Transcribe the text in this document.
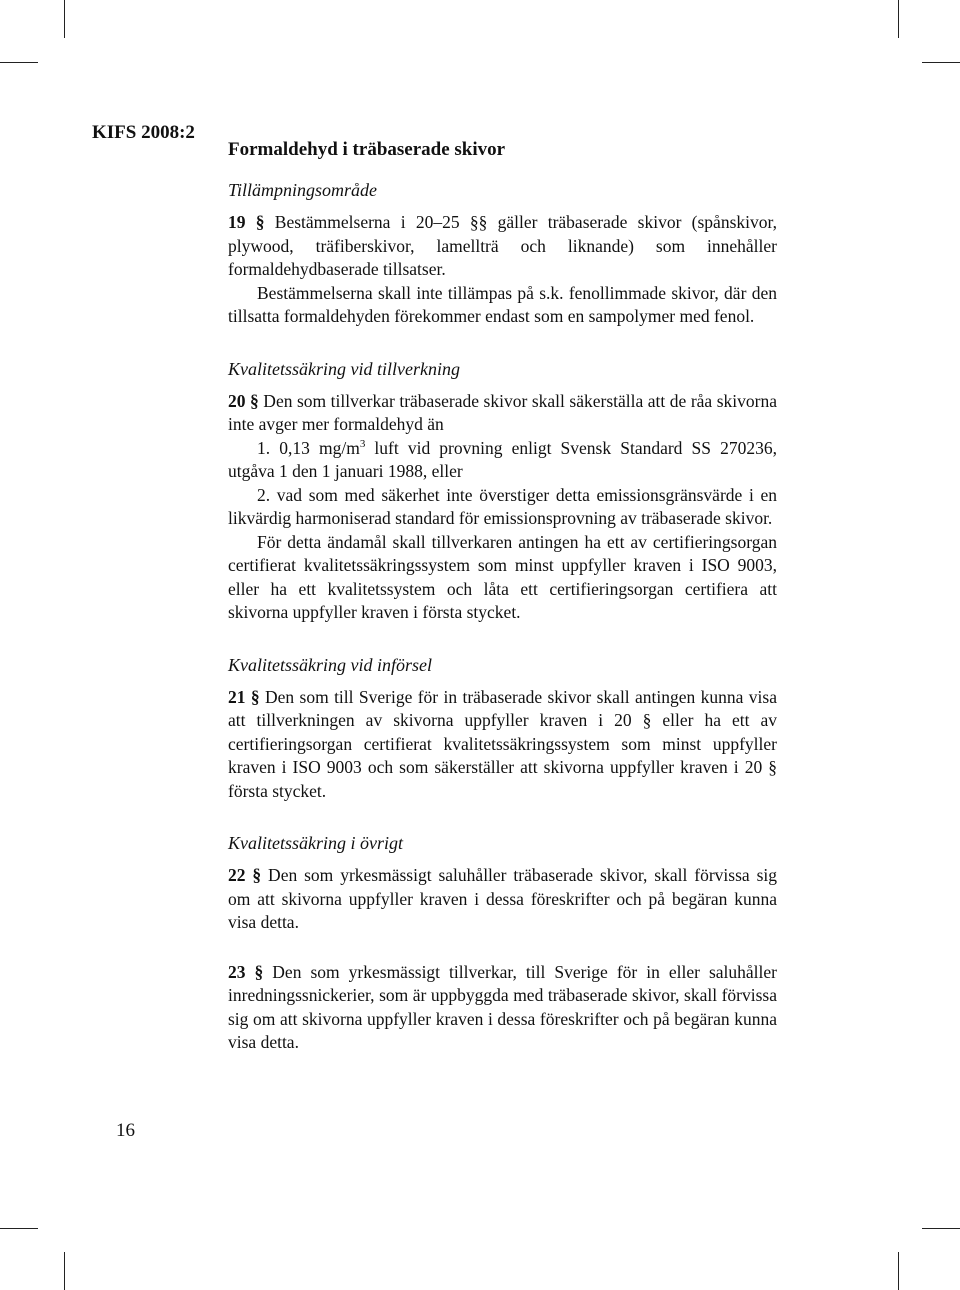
KIFS 2008:2
16
Formaldehyd i träbaserade skivor
Tillämpningsområde

19 § Bestämmelserna i 20–25 §§ gäller träbaserade skivor (spånskivor, plywood, träfiberskivor, lamellträ och liknande) som innehåller formaldehydbaserade tillsatser.

Bestämmelserna skall inte tillämpas på s.k. fenollimmade skivor, där den tillsatta formaldehyden förekommer endast som en sampolymer med fenol.

Kvalitetssäkring vid tillverkning

20 § Den som tillverkar träbaserade skivor skall säkerställa att de råa skivorna inte avger mer formaldehyd än

1. 0,13 $mg/m^3$ luft vid provning enligt Svensk Standard SS 270236, utgåva 1 den 1 januari 1988, eller

2. vad som med säkerhet inte överstiger detta emissionsgränsvärde i en likvärdig harmoniserad standard för emissionsprovning av träbaserade skivor.

För detta ändamål skall tillverkaren antingen ha ett av certifieringsorgan certifierat kvalitetssäkringssystem som minst uppfyller kraven i ISO 9003, eller ha ett kvalitetssystem och låta ett certifieringsorgan certifiera att skivorna uppfyller kraven i första stycket.

Kvalitetssäkring vid införsel

21 § Den som till Sverige för in träbaserade skivor skall antingen kunna visa att tillverkningen av skivorna uppfyller kraven i 20 § eller ha ett av certifieringsorgan certifierat kvalitetssäkringssystem som minst uppfyller kraven i ISO 9003 och som säkerställer att skivorna uppfyller kraven i 20 § första stycket.

Kvalitetssäkring i övrigt

22 § Den som yrkesmässigt saluhåller träbaserade skivor, skall förvissa sig om att skivorna uppfyller kraven i dessa föreskrifter och på begäran kunna visa detta.

23 § Den som yrkesmässigt tillverkar, till Sverige för in eller saluhåller inredningssnickerier, som är uppbyggda med träbaserade skivor, skall förvissa sig om att skivorna uppfyller kraven i dessa föreskrifter och på begäran kunna visa detta.
